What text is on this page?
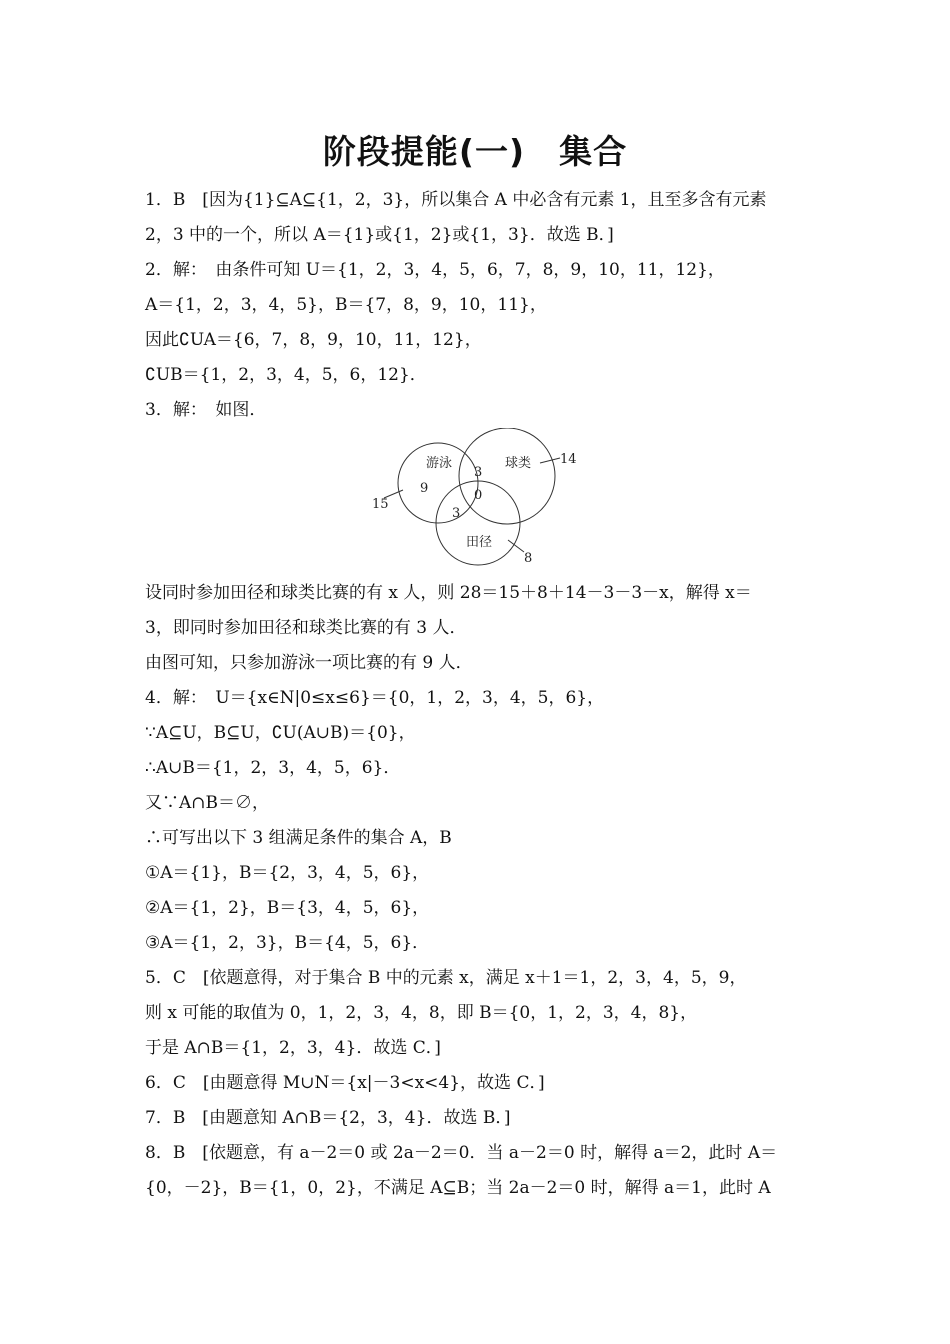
阶段提能(一)　集合
1．B　[因为{1}⊆A⊆{1，2，3}，所以集合 A 中必含有元素 1，且至多含有元素
2，3 中的一个，所以 A＝{1}或{1，2}或{1，3}．故选 B．]
2．解：　由条件可知 U＝{1，2，3，4，5，6，7，8，9，10，11，12}，
A＝{1，2，3，4，5}，B＝{7，8，9，10，11}，
因此∁UA＝{6，7，8，9，10，11，12}，
∁UB＝{1，2，3，4，5，6，12}．
3．解：　如图．
游泳	球类
田径
9
3
0
3
15
14
8
设同时参加田径和球类比赛的有 x 人，则 28＝15＋8＋14－3－3－x，解得 x＝
3，即同时参加田径和球类比赛的有 3 人．
由图可知，只参加游泳一项比赛的有 9 人．
4．解：　U＝{x∈N|0≤x≤6}＝{0，1，2，3，4，5，6}，
∵A⊆U，B⊆U，∁U(A∪B)＝{0}，
∴A∪B＝{1，2，3，4，5，6}．
又∵A∩B＝∅，
∴可写出以下 3 组满足条件的集合 A，B
①A＝{1}，B＝{2，3，4，5，6}，
②A＝{1，2}，B＝{3，4，5，6}，
③A＝{1，2，3}，B＝{4，5，6}．
5．C　[依题意得，对于集合 B 中的元素 x，满足 x＋1＝1，2，3，4，5，9，
则 x 可能的取值为 0，1，2，3，4，8，即 B＝{0，1，2，3，4，8}，
于是 A∩B＝{1，2，3，4}．故选 C．]
6．C　[由题意得 M∪N＝{x|－3<x<4}，故选 C．]
7．B　[由题意知 A∩B＝{2，3，4}．故选 B．]
8．B　[依题意，有 a－2＝0 或 2a－2＝0．当 a－2＝0 时，解得 a＝2，此时 A＝
{0，－2}，B＝{1，0，2}，不满足 A⊆B；当 2a－2＝0 时，解得 a＝1，此时 A
